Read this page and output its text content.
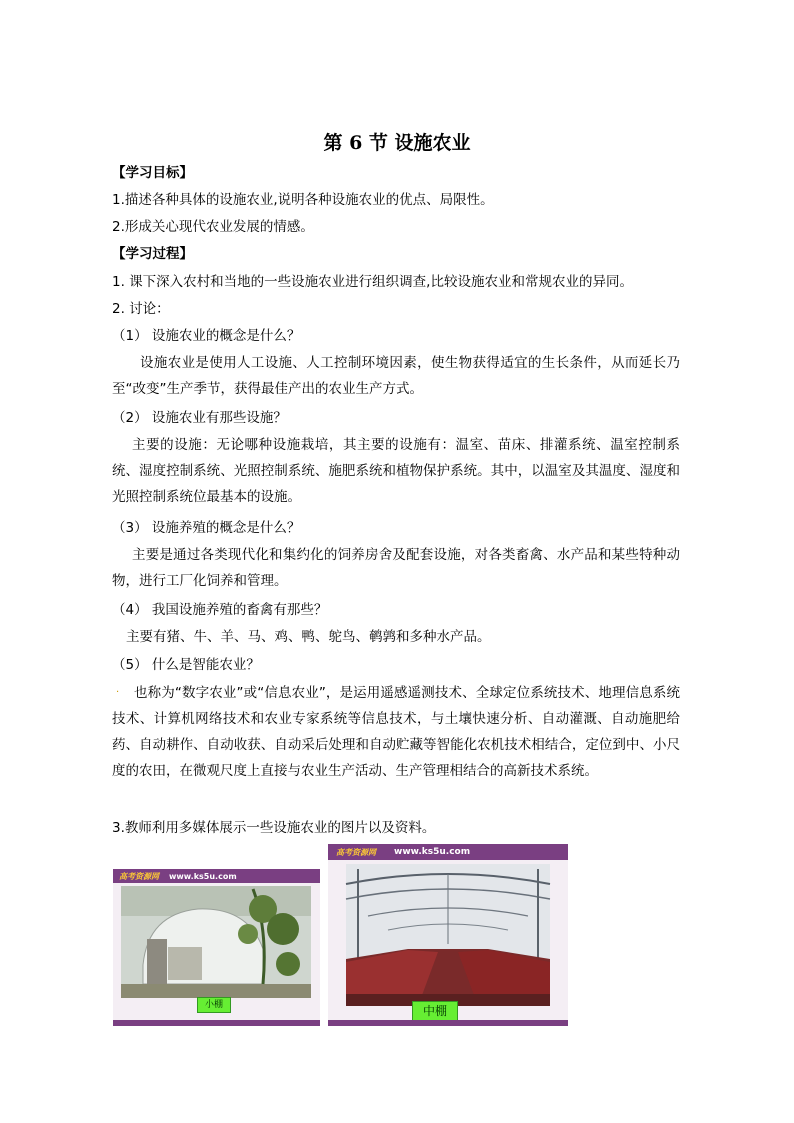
第 6 节 设施农业
【学习目标】
1.描述各种具体的设施农业,说明各种设施农业的优点、局限性。
2.形成关心现代农业发展的情感。
【学习过程】
1. 课下深入农村和当地的一些设施农业进行组织调查,比较设施农业和常规农业的异同。
2. 讨论：
（1） 设施农业的概念是什么？
设施农业是使用人工设施、人工控制环境因素，使生物获得适宜的生长条件，从而延长乃至“改变”生产季节，获得最佳产出的农业生产方式。
（2） 设施农业有那些设施？
主要的设施：无论哪种设施栽培，其主要的设施有：温室、苗床、排灌系统、温室控制系统、湿度控制系统、光照控制系统、施肥系统和植物保护系统。其中，以温室及其温度、湿度和光照控制系统位最基本的设施。
（3） 设施养殖的概念是什么？
主要是通过各类现代化和集约化的饲养房舍及配套设施，对各类畜禽、水产品和某些特种动物，进行工厂化饲养和管理。
（4） 我国设施养殖的畜禽有那些？
主要有猪、牛、羊、马、鸡、鸭、鸵鸟、鹌鹑和多种水产品。
（5） 什么是智能农业？
.	也称为“数字农业”或“信息农业”，是运用遥感遥测技术、全球定位系统技术、地理信息系统技术、计算机网络技术和农业专家系统等信息技术，与土壤快速分析、自动灌溉、自动施肥给药、自动耕作、自动收获、自动采后处理和自动贮藏等智能化农机技术相结合，定位到中、小尺度的农田，在微观尺度上直接与农业生产活动、生产管理相结合的高新技术系统。
3.教师利用多媒体展示一些设施农业的图片以及资料。
高考资源网 www.ks5u.com
小棚
高考资源网 www.ks5u.com
中棚
